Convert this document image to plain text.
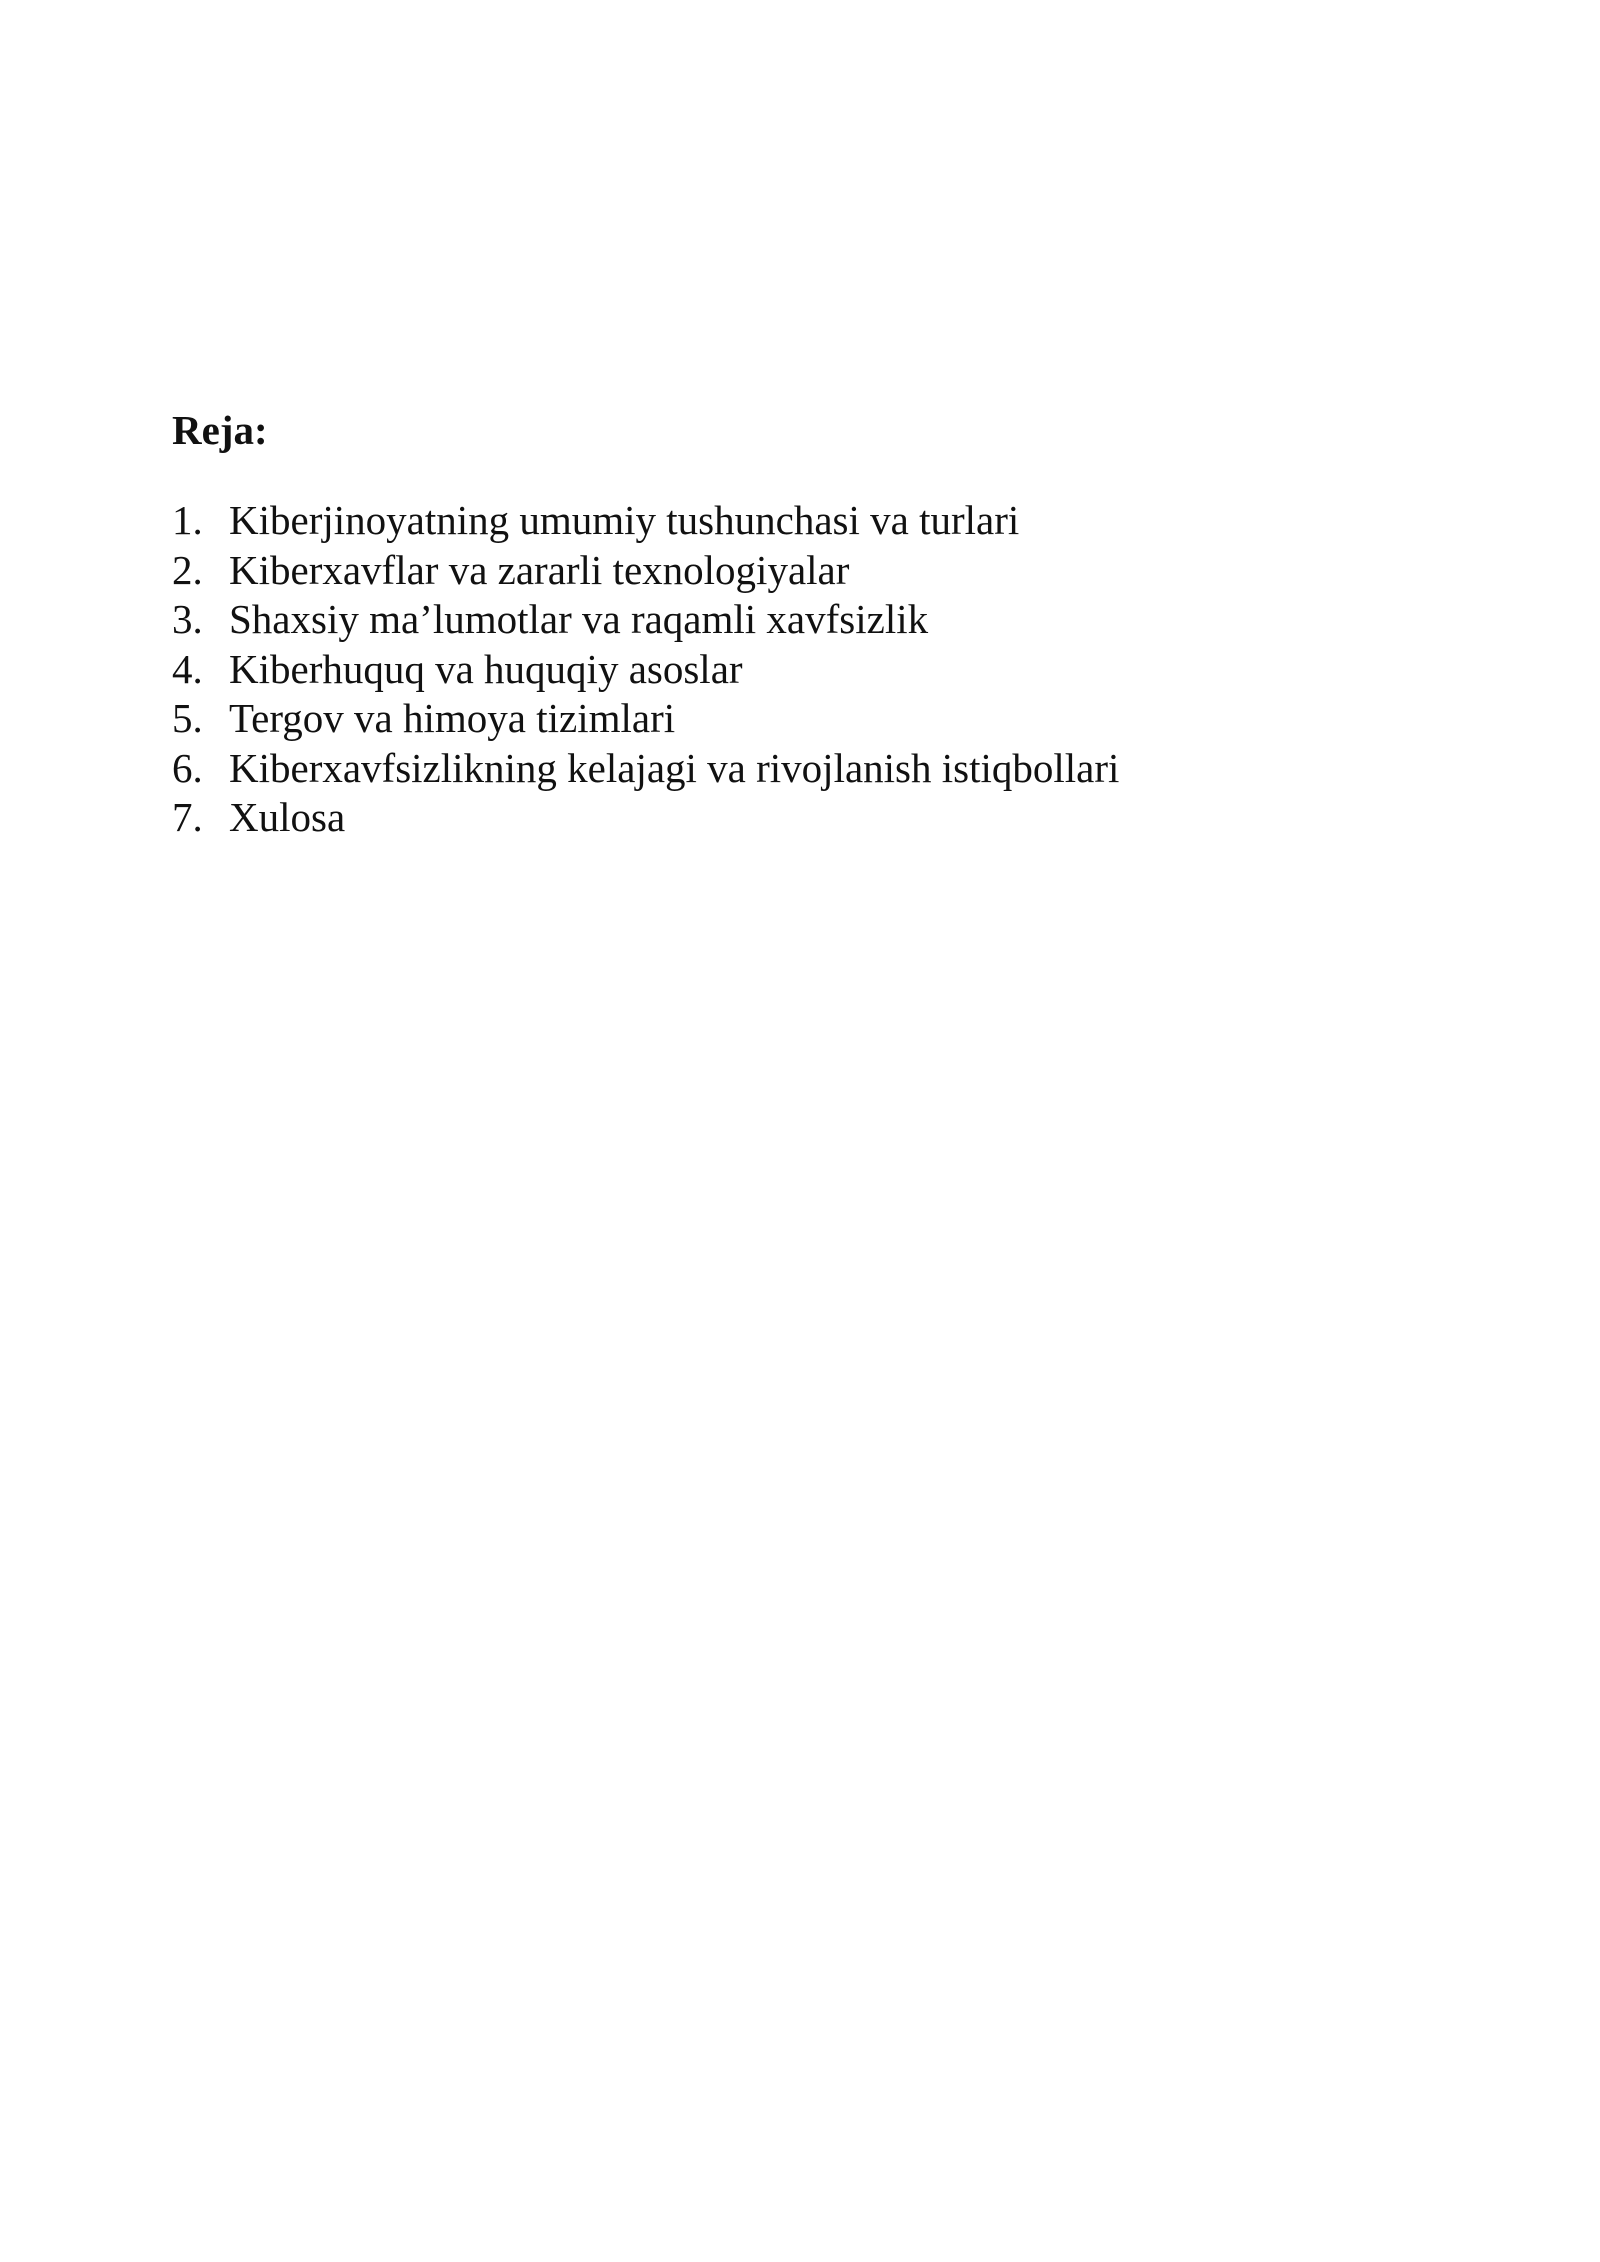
Reja:
1. Kiberjinoyatning umumiy tushunchasi va turlari
2. Kiberxavflar va zararli texnologiyalar
3. Shaxsiy ma’lumotlar va raqamli xavfsizlik
4. Kiberhuquq va huquqiy asoslar
5. Tergov va himoya tizimlari
6. Kiberxavfsizlikning kelajagi va rivojlanish istiqbollari
7. Xulosa
